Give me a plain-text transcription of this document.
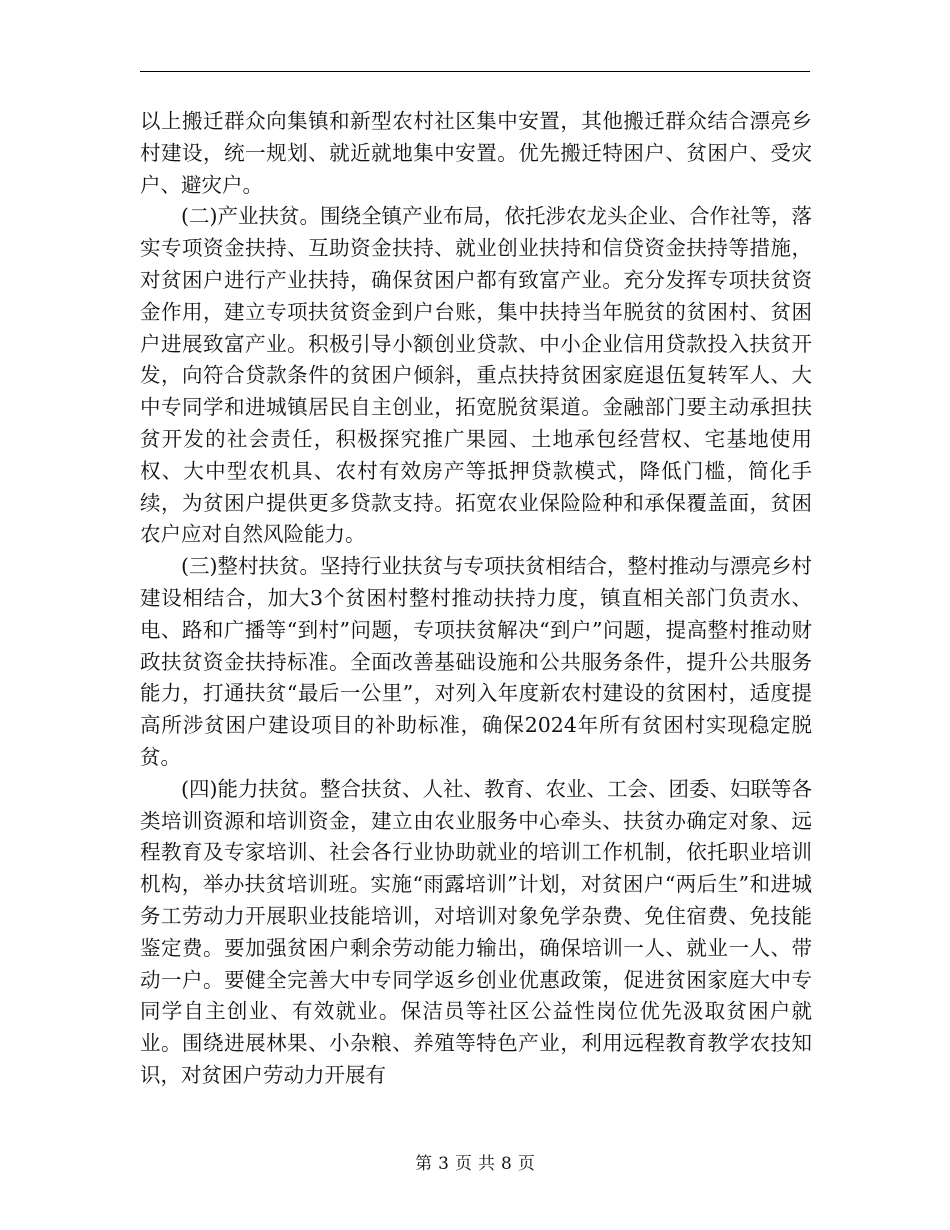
以上搬迁群众向集镇和新型农村社区集中安置，其他搬迁群众结合漂亮乡村建设，统一规划、就近就地集中安置。优先搬迁特困户、贫困户、受灾户、避灾户。

(二)产业扶贫。围绕全镇产业布局，依托涉农龙头企业、合作社等，落实专项资金扶持、互助资金扶持、就业创业扶持和信贷资金扶持等措施，对贫困户进行产业扶持，确保贫困户都有致富产业。充分发挥专项扶贫资金作用，建立专项扶贫资金到户台账，集中扶持当年脱贫的贫困村、贫困户进展致富产业。积极引导小额创业贷款、中小企业信用贷款投入扶贫开发，向符合贷款条件的贫困户倾斜，重点扶持贫困家庭退伍复转军人、大中专同学和进城镇居民自主创业，拓宽脱贫渠道。金融部门要主动承担扶贫开发的社会责任，积极探究推广果园、土地承包经营权、宅基地使用权、大中型农机具、农村有效房产等抵押贷款模式，降低门槛，简化手续，为贫困户提供更多贷款支持。拓宽农业保险险种和承保覆盖面，贫困农户应对自然风险能力。

(三)整村扶贫。坚持行业扶贫与专项扶贫相结合，整村推动与漂亮乡村建设相结合，加大3个贫困村整村推动扶持力度，镇直相关部门负责水、电、路和广播等“到村”问题，专项扶贫解决“到户”问题，提高整村推动财政扶贫资金扶持标准。全面改善基础设施和公共服务条件，提升公共服务能力，打通扶贫“最后一公里”，对列入年度新农村建设的贫困村，适度提高所涉贫困户建设项目的补助标准，确保2024年所有贫困村实现稳定脱贫。

(四)能力扶贫。整合扶贫、人社、教育、农业、工会、团委、妇联等各类培训资源和培训资金，建立由农业服务中心牵头、扶贫办确定对象、远程教育及专家培训、社会各行业协助就业的培训工作机制，依托职业培训机构，举办扶贫培训班。实施“雨露培训”计划，对贫困户“两后生”和进城务工劳动力开展职业技能培训，对培训对象免学杂费、免住宿费、免技能鉴定费。要加强贫困户剩余劳动能力输出，确保培训一人、就业一人、带动一户。要健全完善大中专同学返乡创业优惠政策，促进贫困家庭大中专同学自主创业、有效就业。保洁员等社区公益性岗位优先汲取贫困户就业。围绕进展林果、小杂粮、养殖等特色产业，利用远程教育教学农技知识，对贫困户劳动力开展有

第 3 页 共 8 页
